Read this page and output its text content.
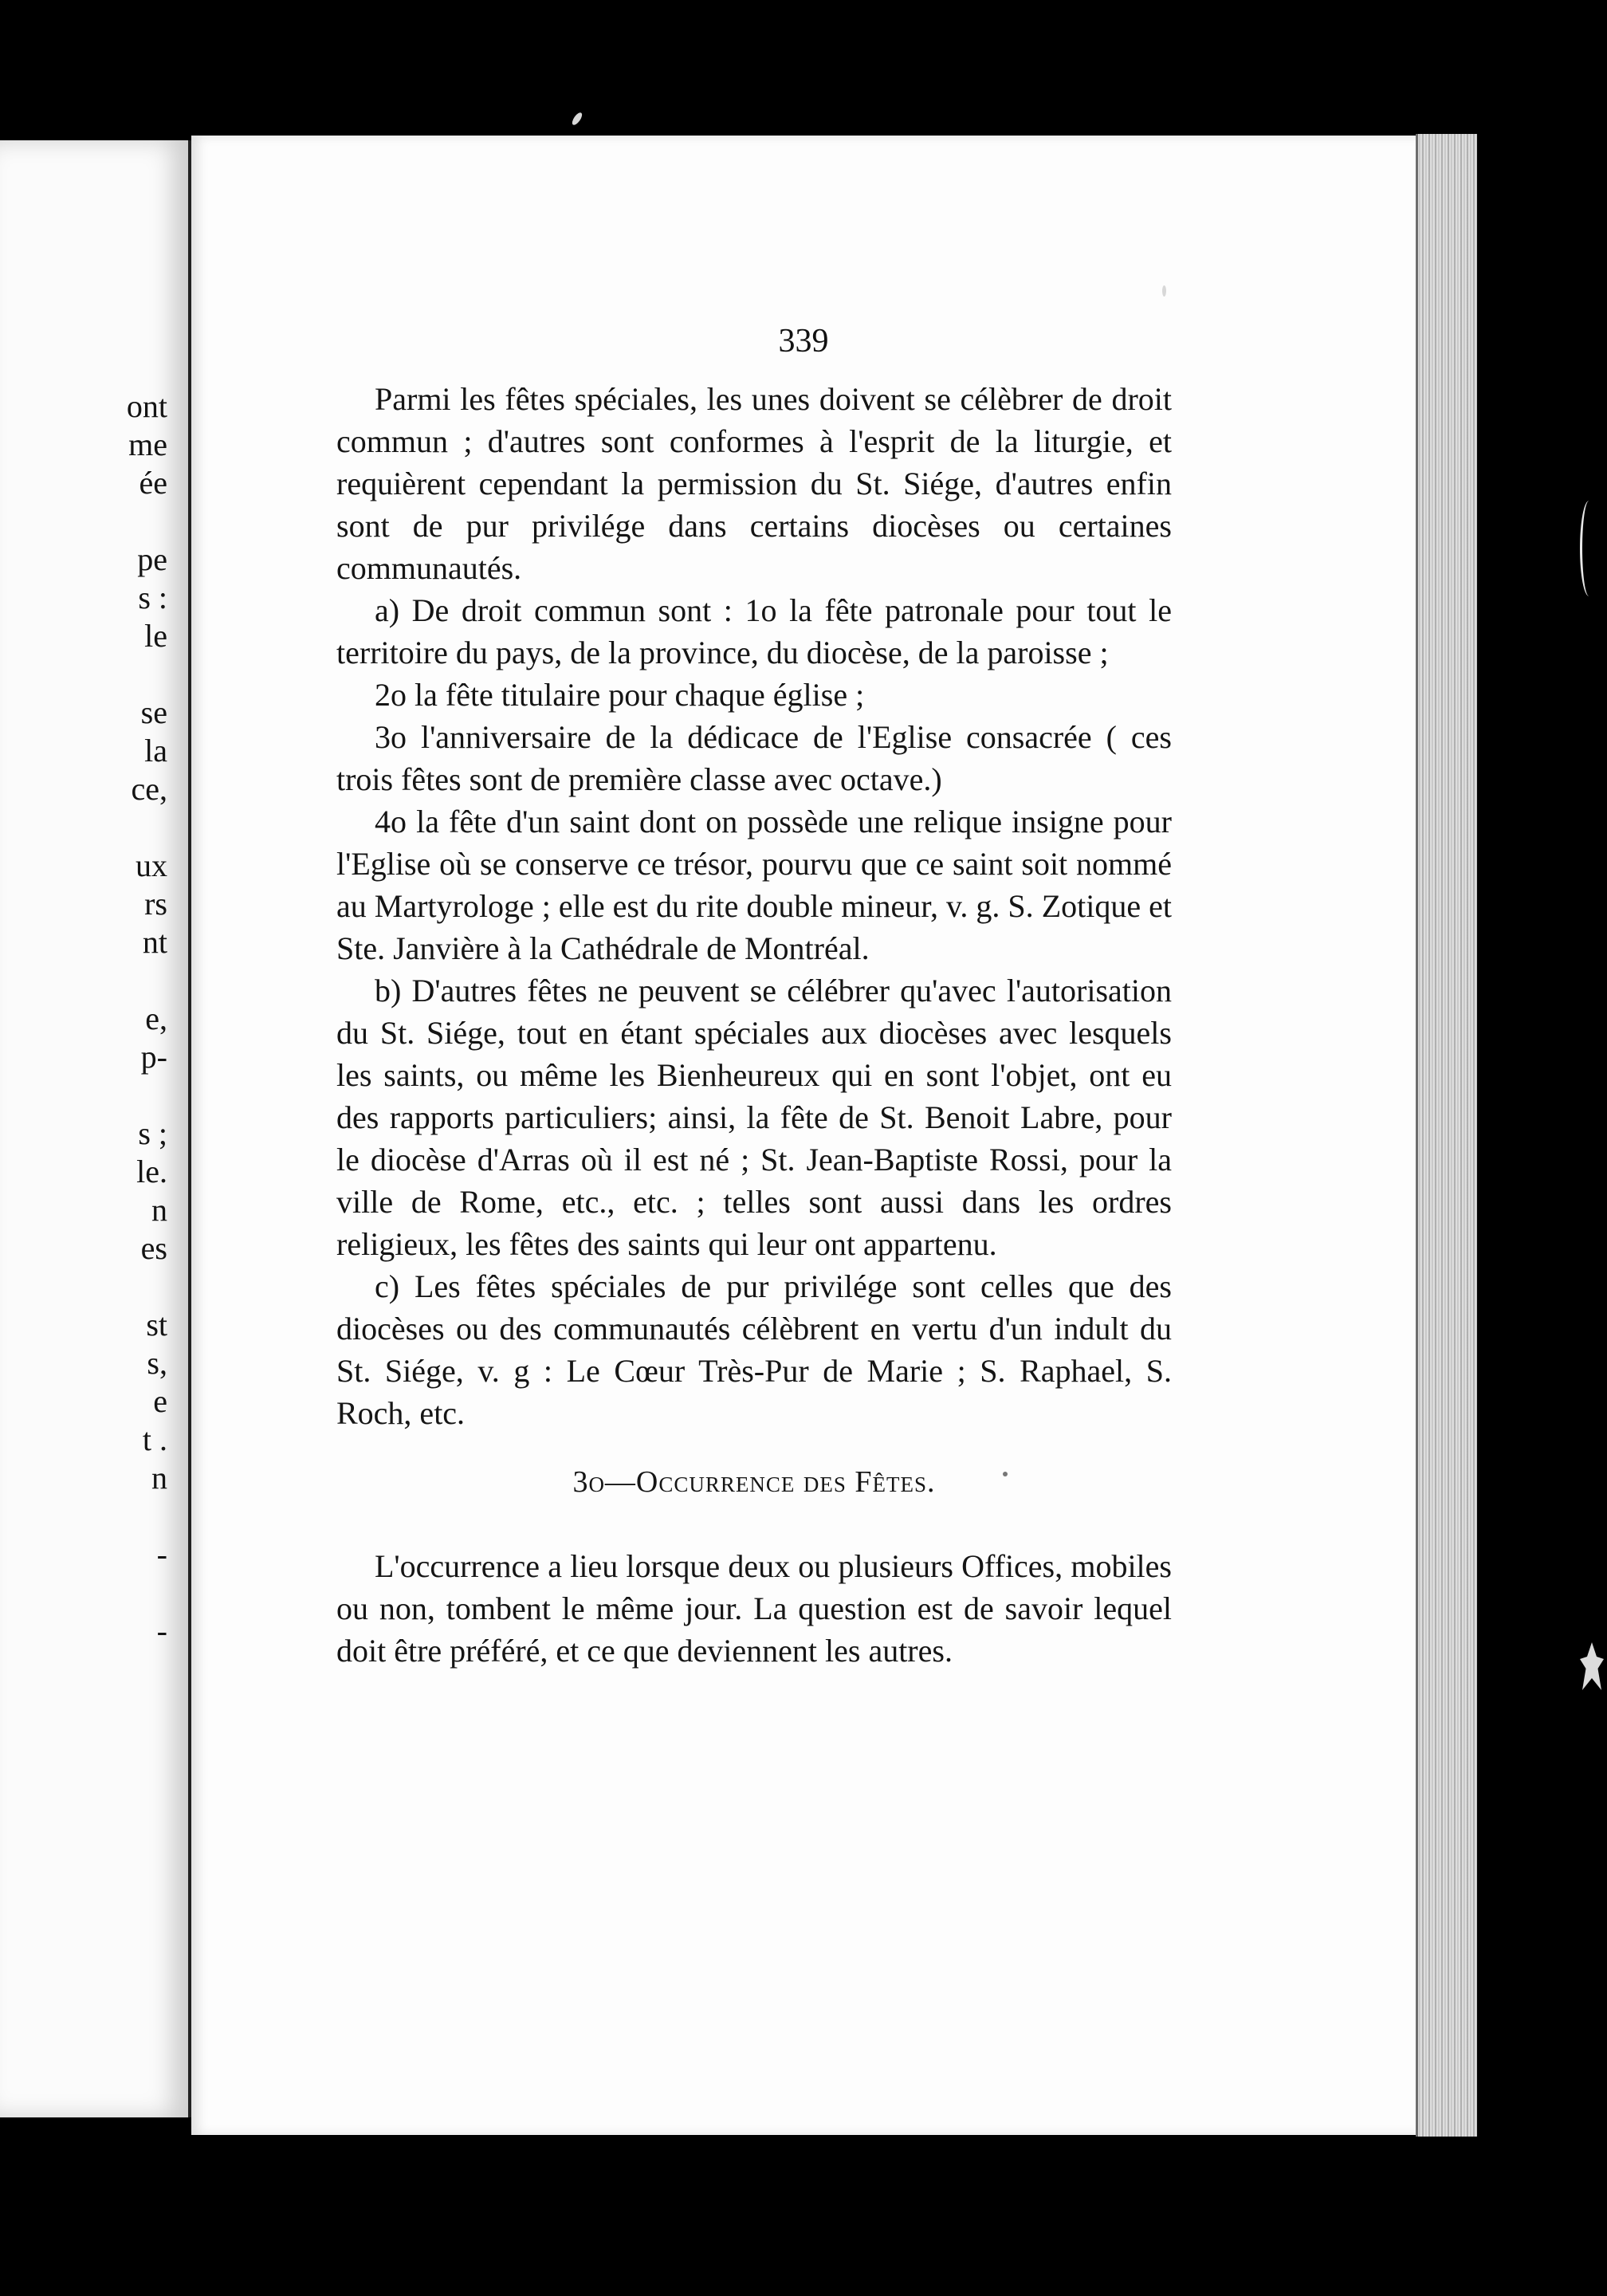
ont
me
ée
pe
s :
le
se
la
ce,
ux
rs
nt
e,
p-
s ;
le.
n
es
st
s,
e
t .
n
-
-
339

Parmi les fêtes spéciales, les unes doivent se célèbrer de droit commun ; d'autres sont conformes à l'esprit de la liturgie, et requièrent cependant la permission du St. Siége, d'autres enfin sont de pur privilége dans certains diocèses ou certaines communautés.

a) De droit commun sont : 1o la fête patronale pour tout le territoire du pays, de la province, du diocèse, de la paroisse ;

2o la fête titulaire pour chaque église ;

3o l'anniversaire de la dédicace de l'Eglise consacrée ( ces trois fêtes sont de première classe avec octave.)

4o la fête d'un saint dont on possède une relique insigne pour l'Eglise où se conserve ce trésor, pourvu que ce saint soit nommé au Martyrologe ; elle est du rite double mineur, v. g. S. Zotique et Ste. Janvière à la Cathédrale de Montréal.

b) D'autres fêtes ne peuvent se célébrer qu'avec l'autorisation du St. Siége, tout en étant spéciales aux diocèses avec lesquels les saints, ou même les Bienheureux qui en sont l'objet, ont eu des rapports particuliers; ainsi, la fête de St. Benoit Labre, pour le diocèse d'Arras où il est né ; St. Jean-Baptiste Rossi, pour la ville de Rome, etc., etc. ; telles sont aussi dans les ordres religieux, les fêtes des saints qui leur ont appartenu.

c) Les fêtes spéciales de pur privilége sont celles que des diocèses ou des communautés célèbrent en vertu d'un indult du St. Siége, v. g : Le Cœur Très-Pur de Marie ; S. Raphael, S. Roch, etc.

3o—Occurrence des Fêtes.

L'occurrence a lieu lorsque deux ou plusieurs Offices, mobiles ou non, tombent le même jour. La question est de savoir lequel doit être préféré, et ce que deviennent les autres.
